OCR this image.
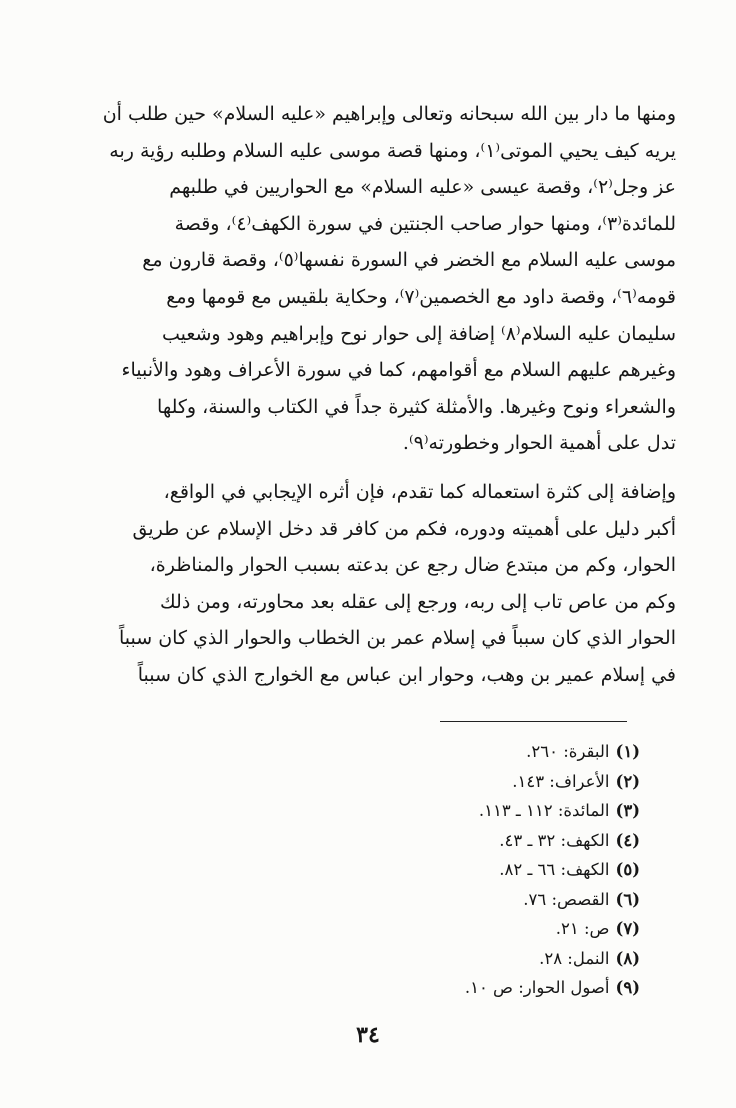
ومنها ما دار بين الله سبحانه وتعالى وإبراهيم «عليه السلام» حين طلب أن
يريه كيف يحيي الموتى⁽١⁾، ومنها قصة موسى عليه السلام وطلبه رؤية ربه
عز وجل⁽٢⁾، وقصة عيسى «عليه السلام» مع الحواريين في طلبهم
للمائدة⁽٣⁾، ومنها حوار صاحب الجنتين في سورة الكهف⁽٤⁾، وقصة
موسى عليه السلام مع الخضر في السورة نفسها⁽٥⁾، وقصة قارون مع
قومه⁽٦⁾، وقصة داود مع الخصمين⁽٧⁾، وحكاية بلقيس مع قومها ومع
سليمان عليه السلام⁽٨⁾ إضافة إلى حوار نوح وإبراهيم وهود وشعيب
وغيرهم عليهم السلام مع أقوامهم، كما في سورة الأعراف وهود والأنبياء
والشعراء ونوح وغيرها. والأمثلة كثيرة جداً في الكتاب والسنة، وكلها
تدل على أهمية الحوار وخطورته⁽٩⁾.
وإضافة إلى كثرة استعماله كما تقدم، فإن أثره الإيجابي في الواقع،
أكبر دليل على أهميته ودوره، فكم من كافر قد دخل الإسلام عن طريق
الحوار، وكم من مبتدع ضال رجع عن بدعته بسبب الحوار والمناظرة،
وكم من عاص تاب إلى ربه، ورجع إلى عقله بعد محاورته، ومن ذلك
الحوار الذي كان سبباً في إسلام عمر بن الخطاب والحوار الذي كان سبباً
في إسلام عمير بن وهب، وحوار ابن عباس مع الخوارج الذي كان سبباً
(١)البقرة: ٢٦٠.
(٢)الأعراف: ١٤٣.
(٣)المائدة: ١١٢ ـ ١١٣.
(٤)الكهف: ٣٢ ـ ٤٣.
(٥)الكهف: ٦٦ ـ ٨٢.
(٦)القصص: ٧٦.
(٧)ص: ٢١.
(٨)النمل: ٢٨.
(٩)أصول الحوار: ص ١٠.
٣٤
